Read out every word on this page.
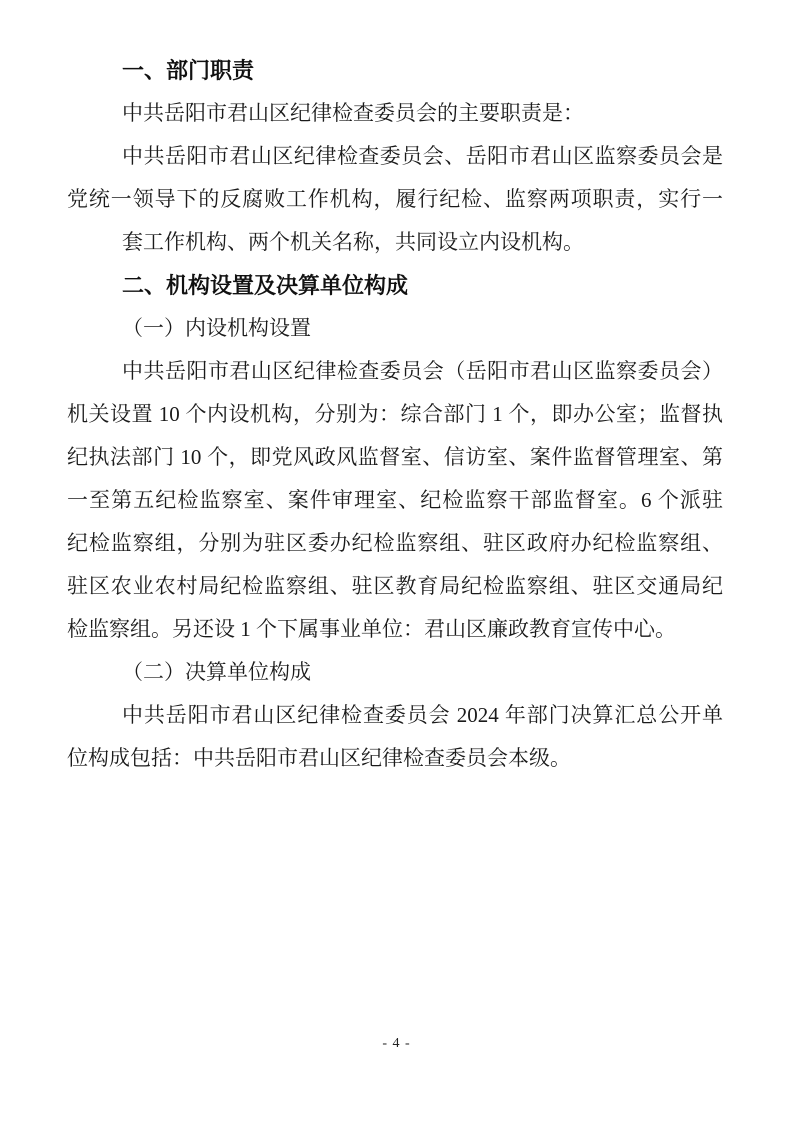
一、部门职责
中共岳阳市君山区纪律检查委员会的主要职责是：
中共岳阳市君山区纪律检查委员会、岳阳市君山区监察委员会是
党统一领导下的反腐败工作机构，履行纪检、监察两项职责，实行一
套工作机构、两个机关名称，共同设立内设机构。
二、机构设置及决算单位构成
（一）内设机构设置
中共岳阳市君山区纪律检查委员会（岳阳市君山区监察委员会）
机关设置 10 个内设机构，分别为：综合部门 1 个，即办公室；监督执
纪执法部门 10 个，即党风政风监督室、信访室、案件监督管理室、第
一至第五纪检监察室、案件审理室、纪检监察干部监督室。6 个派驻
纪检监察组，分别为驻区委办纪检监察组、驻区政府办纪检监察组、
驻区农业农村局纪检监察组、驻区教育局纪检监察组、驻区交通局纪
检监察组。另还设 1 个下属事业单位：君山区廉政教育宣传中心。
（二）决算单位构成
中共岳阳市君山区纪律检查委员会 2024 年部门决算汇总公开单
位构成包括：中共岳阳市君山区纪律检查委员会本级。
- 4 -
